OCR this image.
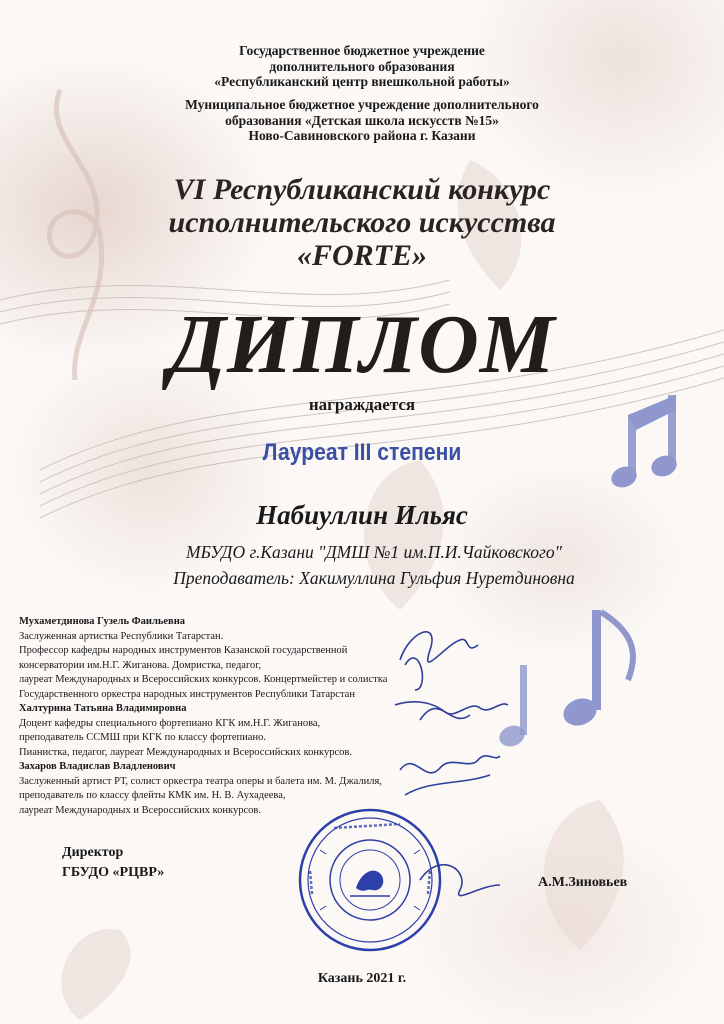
Государственное бюджетное учреждение
дополнительного образования
«Республиканский центр внешкольной работы»
Муниципальное бюджетное учреждение дополнительного
образования «Детская школа искусств №15»
Ново-Савиновского района г. Казани
VI Республиканский конкурс
исполнительского искусства
«FORTE»
ДИПЛОМ
награждается
Лауреат III степени
Набиуллин Ильяс
МБУДО г.Казани "ДМШ №1 им.П.И.Чайковского"
Преподаватель: Хакимуллина Гульфия Нуретдиновна
Мухаметдинова Гузель Фаильевна
Заслуженная артистка Республики Татарстан.
Профессор кафедры народных инструментов Казанской государственной
консерватории им.Н.Г. Жиганова. Домристка, педагог,
лауреат Международных и Всероссийских конкурсов. Концертмейстер и солистка
Государственного оркестра народных инструментов Республики Татарстан
Халтурина Татьяна Владимировна
Доцент кафедры специального фортепиано КГК им.Н.Г. Жиганова,
преподаватель ССМШ при КГК по классу фортепиано.
Пианистка, педагог, лауреат Международных и Всероссийских конкурсов.
Захаров Владислав Владленович
Заслуженный артист РТ, солист оркестра театра оперы и балета им. М. Джалиля,
преподаватель по классу флейты КМК им. Н. В. Аухадеева,
лауреат Международных и Всероссийских конкурсов.
Директор
ГБУДО «РЦВР»
А.М.Зиновьев
Казань 2021 г.
